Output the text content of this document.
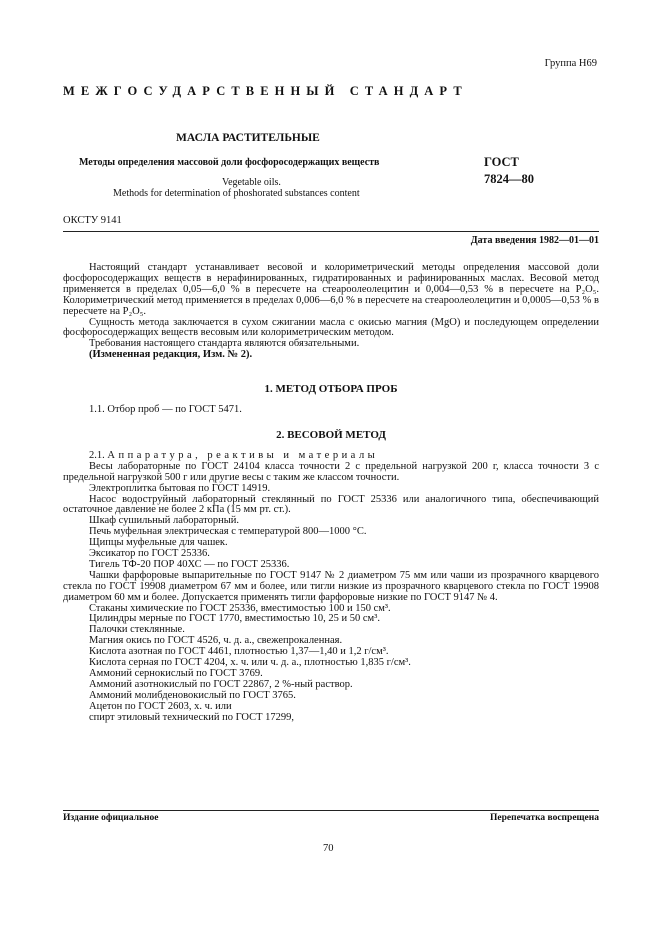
Группа Н69
МЕЖГОСУДАРСТВЕННЫЙ СТАНДАРТ
МАСЛА РАСТИТЕЛЬНЫЕ
Методы определения массовой доли фосфоросодержащих веществ	ГОСТ
7824—80
Vegetable oils.
Methods for determination of phoshorated substances content
ОКСТУ 9141
Дата введения 1982—01—01

Настоящий стандарт устанавливает весовой и колориметрический методы определения массовой доли фосфоросодержащих веществ в нерафинированных, гидратированных и рафинированных маслах. Весовой метод применяется в пределах 0,05—6,0 % в пересчете на стеароолеолецитин и 0,004—0,53 % в пересчете на P₂O₅. Колориметрический метод применяется в пределах 0,006—6,0 % в пересчете на стеароолеолецитин и 0,0005—0,53 % в пересчете на P₂O₅.

Сущность метода заключается в сухом сжигании масла с окисью магния (MgO) и последующем определении фосфоросодержащих веществ весовым или колориметрическим методом.

Требования настоящего стандарта являются обязательными.

(Измененная редакция, Изм. № 2).

1. МЕТОД ОТБОРА ПРОБ

1.1. Отбор проб — по ГОСТ 5471.

2. ВЕСОВОЙ МЕТОД

2.1. Аппаратура, реактивы и материалы

Весы лабораторные по ГОСТ 24104 класса точности 2 с предельной нагрузкой 200 г, класса точности 3 с предельной нагрузкой 500 г или другие весы с таким же классом точности.

Электроплитка бытовая по ГОСТ 14919.

Насос водоструйный лабораторный стеклянный по ГОСТ 25336 или аналогичного типа, обеспечивающий остаточное давление не более 2 кПа (15 мм рт. ст.).

Шкаф сушильный лабораторный.

Печь муфельная электрическая с температурой 800—1000 °С.

Щипцы муфельные для чашек.

Эксикатор по ГОСТ 25336.

Тигель ТФ-20 ПОР 40ХС — по ГОСТ 25336.

Чашки фарфоровые выпарительные по ГОСТ 9147 № 2 диаметром 75 мм или чаши из прозрачного кварцевого стекла по ГОСТ 19908 диаметром 67 мм и более, или тигли низкие из прозрачного кварцевого стекла по ГОСТ 19908 диаметром 60 мм и более. Допускается применять тигли фарфоровые низкие по ГОСТ 9147 № 4.

Стаканы химические по ГОСТ 25336, вместимостью 100 и 150 см³.

Цилиндры мерные по ГОСТ 1770, вместимостью 10, 25 и 50 см³.

Палочки стеклянные.

Магния окись по ГОСТ 4526, ч. д. а., свежепрокаленная.

Кислота азотная по ГОСТ 4461, плотностью 1,37—1,40 и 1,2 г/см³.

Кислота серная по ГОСТ 4204, х. ч. или ч. д. а., плотностью 1,835 г/см³.

Аммоний сернокислый по ГОСТ 3769.

Аммоний азотнокислый по ГОСТ 22867, 2 %-ный раствор.

Аммоний молибденовокислый по ГОСТ 3765.

Ацетон по ГОСТ 2603, х. ч. или

спирт этиловый технический по ГОСТ 17299,

Издание официальное	Перепечатка воспрещена
70
